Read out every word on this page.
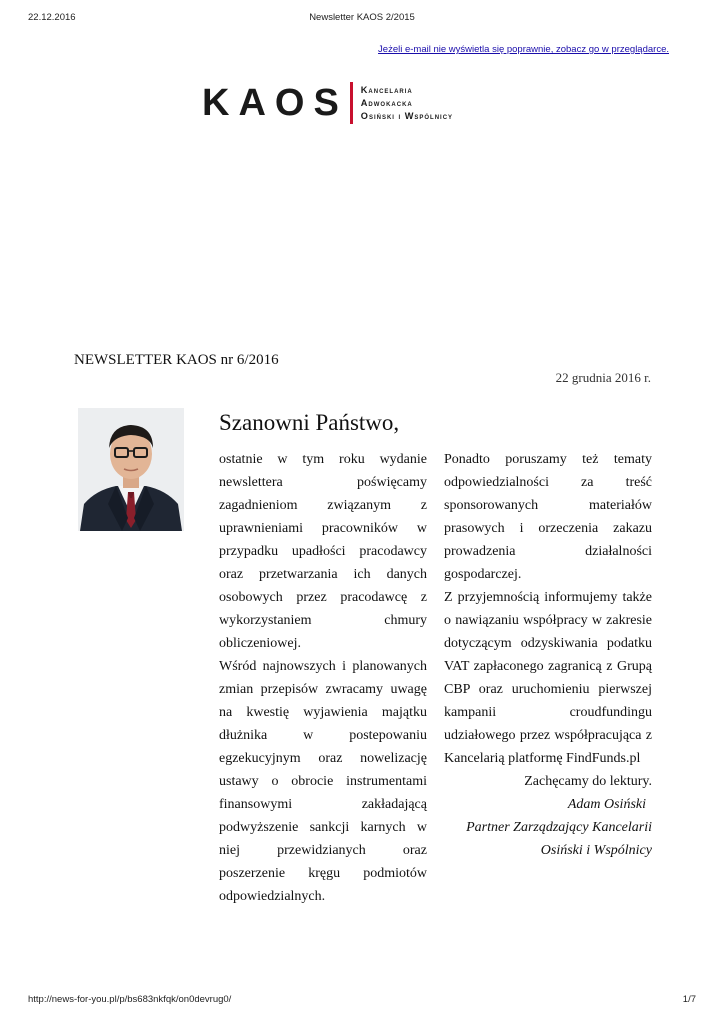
22.12.2016	Newsletter KAOS 2/2015
Jeżeli e-mail nie wyświetla się poprawnie, zobacz go w przeglądarce.
KAOS Kancelaria
Adwokacka
Osiński i Wspólnicy
NEWSLETTER KAOS nr 6/2016
22 grudnia 2016 r.
Szanowni Państwo,

ostatnie w tym roku wydanie newslettera poświęcamy zagadnieniom związanym z uprawnieniami pracowników w przypadku upadłości pracodawcy oraz przetwarzania ich danych osobowych przez pracodawcę z wykorzystaniem chmury obliczeniowej.

Wśród najnowszych i planowanych zmian przepisów zwracamy uwagę na kwestię wyjawienia majątku dłużnika w postepowaniu egzekucyjnym oraz nowelizację ustawy o obrocie instrumentami finansowymi zakładającą podwyższenie sankcji karnych w niej przewidzianych oraz poszerzenie kręgu podmiotów odpowiedzialnych.

Ponadto poruszamy też tematy odpowiedzialności za treść sponsorowanych materiałów prasowych i orzeczenia zakazu prowadzenia działalności gospodarczej.

Z przyjemnością informujemy także o nawiązaniu współpracy w zakresie dotyczącym odzyskiwania podatku VAT zapłaconego zagranicą z Grupą CBP oraz uruchomieniu pierwszej kampanii croudfundingu udziałowego przez współpracująca z Kancelarią platformę FindFunds.pl

Zachęcamy do lektury.

Adam Osiński

Partner Zarządzający Kancelarii

Osiński i Wspólnicy

http://news-for-you.pl/p/bs683nkfqk/on0devrug0/	1/7
